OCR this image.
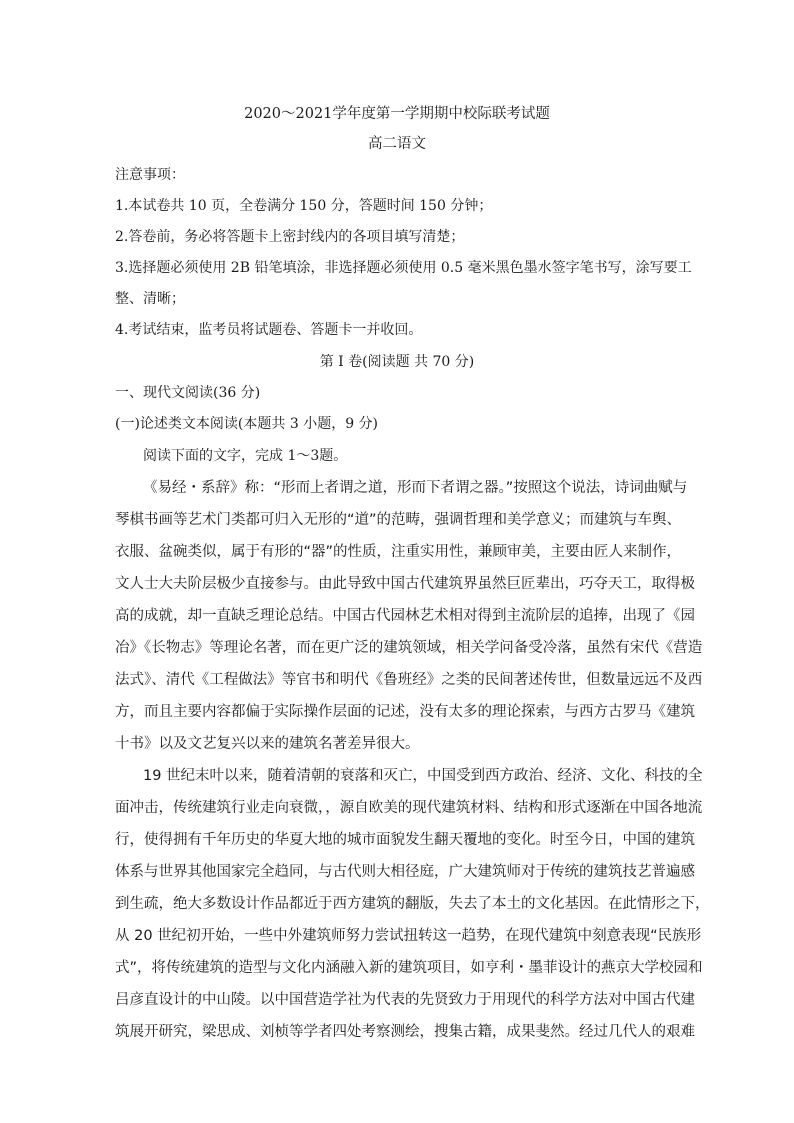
2020～2021学年度第一学期期中校际联考试题
高二语文
注意事项：
1.本试卷共 10 页，全卷满分 150 分，答题时间 150 分钟；
2.答卷前，务必将答题卡上密封线内的各项目填写清楚；
3.选择题必须使用 2B 铅笔填涂，非选择题必须使用 0.5 毫米黑色墨水签字笔书写，涂写要工
整、清晰；
4.考试结束，监考员将试题卷、答题卡一并收回。
第 I 卷(阅读题 共 70 分)
一、现代文阅读(36 分)
(一)论述类文本阅读(本题共 3 小题，9 分)
阅读下面的文字，完成 1～3题。
《易经・系辞》称：“形而上者谓之道，形而下者谓之器。”按照这个说法，诗词曲赋与
琴棋书画等艺术门类都可归入无形的“道”的范畴，强调哲理和美学意义；而建筑与车舆、
衣服、盆碗类似，属于有形的“器”的性质，注重实用性，兼顾审美，主要由匠人来制作，
文人士大夫阶层极少直接参与。由此导致中国古代建筑界虽然巨匠辈出，巧夺天工，取得极
高的成就，却一直缺乏理论总结。中国古代园林艺术相对得到主流阶层的追捧，出现了《园
冶》《长物志》等理论名著，而在更广泛的建筑领域，相关学问备受冷落，虽然有宋代《营造
法式》、清代《工程做法》等官书和明代《鲁班经》之类的民间著述传世，但数量远远不及西
方，而且主要内容都偏于实际操作层面的记述，没有太多的理论探索，与西方古罗马《建筑
十书》以及文艺复兴以来的建筑名著差异很大。
19 世纪末叶以来，随着清朝的衰落和灭亡，中国受到西方政治、经济、文化、科技的全
面冲击，传统建筑行业走向衰微，，源自欧美的现代建筑材料、结构和形式逐渐在中国各地流
行，使得拥有千年历史的华夏大地的城市面貌发生翻天覆地的变化。时至今日，中国的建筑
体系与世界其他国家完全趋同，与古代则大相径庭，广大建筑师对于传统的建筑技艺普遍感
到生疏，绝大多数设计作品都近于西方建筑的翻版，失去了本土的文化基因。在此情形之下，
从 20 世纪初开始，一些中外建筑师努力尝试扭转这一趋势，在现代建筑中刻意表现“民族形
式”，将传统建筑的造型与文化内涵融入新的建筑项目，如亨利・墨菲设计的燕京大学校园和
吕彦直设计的中山陵。以中国营造学社为代表的先贤致力于用现代的科学方法对中国古代建
筑展开研究，梁思成、刘桢等学者四处考察测绘，搜集古籍，成果斐然。经过几代人的艰难
